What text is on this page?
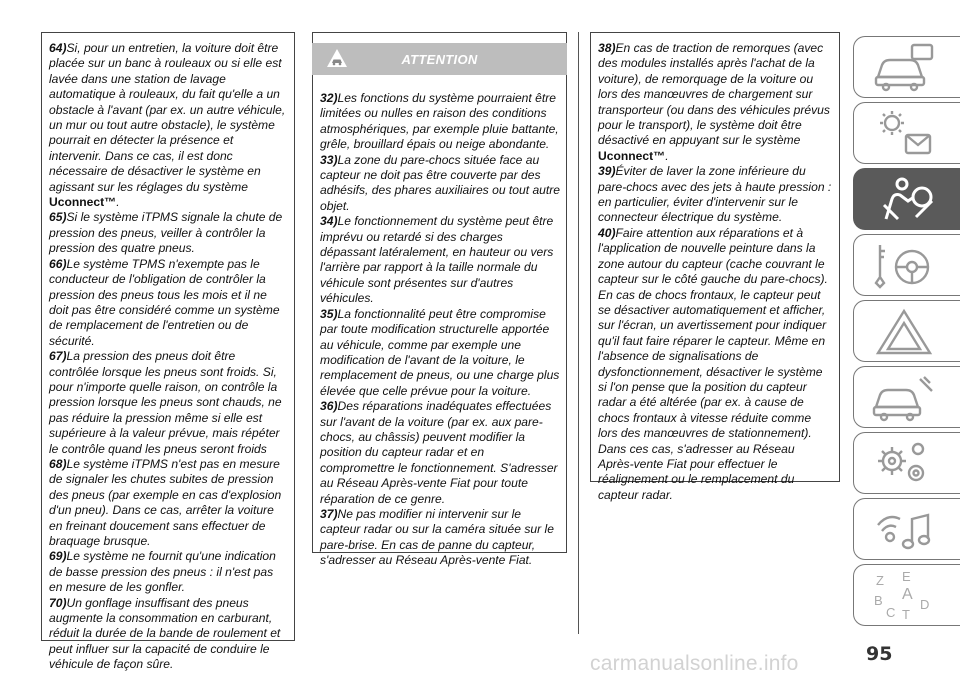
64)Si, pour un entretien, la voiture doit être placée sur un banc à rouleaux ou si elle est lavée dans une station de lavage automatique à rouleaux, du fait qu'elle a un obstacle à l'avant (par ex. un autre véhicule, un mur ou tout autre obstacle), le système pourrait en détecter la présence et intervenir. Dans ce cas, il est donc nécessaire de désactiver le système en agissant sur les réglages du système Uconnect™.

65)Si le système iTPMS signale la chute de pression des pneus, veiller à contrôler la pression des quatre pneus.

66)Le système TPMS n'exempte pas le conducteur de l'obligation de contrôler la pression des pneus tous les mois et il ne doit pas être considéré comme un système de remplacement de l'entretien ou de sécurité.

67)La pression des pneus doit être contrôlée lorsque les pneus sont froids. Si, pour n'importe quelle raison, on contrôle la pression lorsque les pneus sont chauds, ne pas réduire la pression même si elle est supérieure à la valeur prévue, mais répéter le contrôle quand les pneus seront froids

68)Le système iTPMS n'est pas en mesure de signaler les chutes subites de pression des pneus (par exemple en cas d'explosion d'un pneu). Dans ce cas, arrêter la voiture en freinant doucement sans effectuer de braquage brusque.

69)Le système ne fournit qu'une indication de basse pression des pneus : il n'est pas en mesure de les gonfler.

70)Un gonflage insuffisant des pneus augmente la consommation en carburant, réduit la durée de la bande de roulement et peut influer sur la capacité de conduire le véhicule de façon sûre.

ATTENTION

32)Les fonctions du système pourraient être limitées ou nulles en raison des conditions atmosphériques, par exemple pluie battante, grêle, brouillard épais ou neige abondante.

33)La zone du pare-chocs située face au capteur ne doit pas être couverte par des adhésifs, des phares auxiliaires ou tout autre objet.

34)Le fonctionnement du système peut être imprévu ou retardé si des charges dépassant latéralement, en hauteur ou vers l'arrière par rapport à la taille normale du véhicule sont présentes sur d'autres véhicules.

35)La fonctionnalité peut être compromise par toute modification structurelle apportée au véhicule, comme par exemple une modification de l'avant de la voiture, le remplacement de pneus, ou une charge plus élevée que celle prévue pour la voiture.

36)Des réparations inadéquates effectuées sur l'avant de la voiture (par ex. aux pare-chocs, au châssis) peuvent modifier la position du capteur radar et en compromettre le fonctionnement. S'adresser au Réseau Après-vente Fiat pour toute réparation de ce genre.

37)Ne pas modifier ni intervenir sur le capteur radar ou sur la caméra située sur le pare-brise. En cas de panne du capteur, s'adresser au Réseau Après-vente Fiat.

38)En cas de traction de remorques (avec des modules installés après l'achat de la voiture), de remorquage de la voiture ou lors des manœuvres de chargement sur transporteur (ou dans des véhicules prévus pour le transport), le système doit être désactivé en appuyant sur le système Uconnect™.

39)Éviter de laver la zone inférieure du pare-chocs avec des jets à haute pression : en particulier, éviter d'intervenir sur le connecteur électrique du système.

40)Faire attention aux réparations et à l'application de nouvelle peinture dans la zone autour du capteur (cache couvrant le capteur sur le côté gauche du pare-chocs). En cas de chocs frontaux, le capteur peut se désactiver automatiquement et afficher, sur l'écran, un avertissement pour indiquer qu'il faut faire réparer le capteur. Même en l'absence de signalisations de dysfonctionnement, désactiver le système si l'on pense que la position du capteur radar a été altérée (par ex. à cause de chocs frontaux à vitesse réduite comme lors des manœuvres de stationnement). Dans ces cas, s'adresser au Réseau Après-vente Fiat pour effectuer le réalignement ou le remplacement du capteur radar.

Z E
A
B
C
D
T
95
carmanualsonline.info
